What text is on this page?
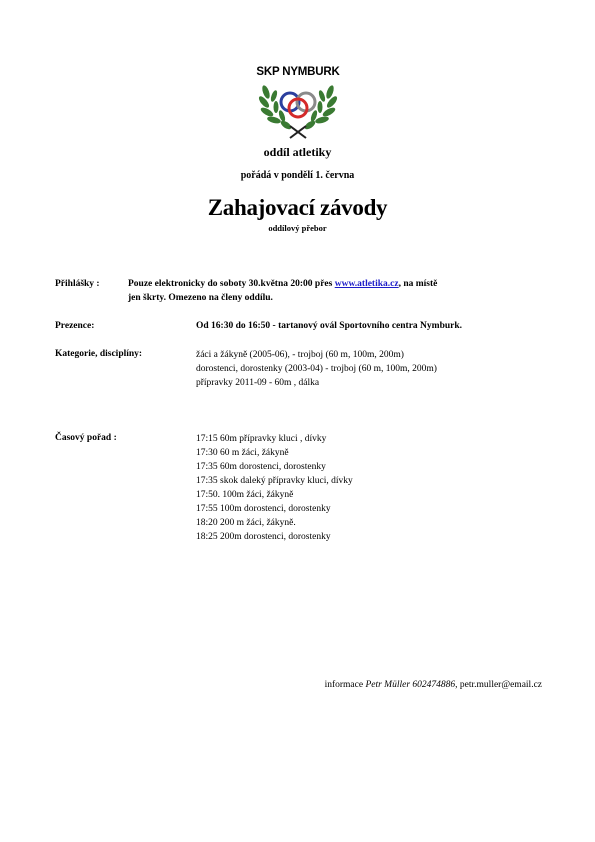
SKP NYMBURK
oddíl atletiky
pořádá v pondělí 1. června
Zahajovací závody
oddílový přebor
Přihlášky :	Pouze elektronicky do soboty 30.května 20:00 přes www.atletika.cz, na místě
jen škrty. Omezeno na členy oddílu.
Prezence:	Od 16:30 do 16:50 - tartanový ovál Sportovního centra Nymburk.
Kategorie, disciplíny:	žáci a žákyně (2005-06), - trojboj (60 m, 100m, 200m)
dorostenci, dorostenky (2003-04) - trojboj (60 m, 100m, 200m)
přípravky 2011-09 - 60m , dálka
Časový pořad :	17:15 60m přípravky kluci , dívky
17:30 60 m žáci, žákyně
17:35 60m dorostenci, dorostenky
17:35 skok daleký přípravky kluci, dívky
17:50. 100m žáci, žákyně
17:55 100m dorostenci, dorostenky
18:20 200 m žáci, žákyně.
18:25 200m dorostenci, dorostenky
informace Petr Müller 602474886, petr.muller@email.cz
